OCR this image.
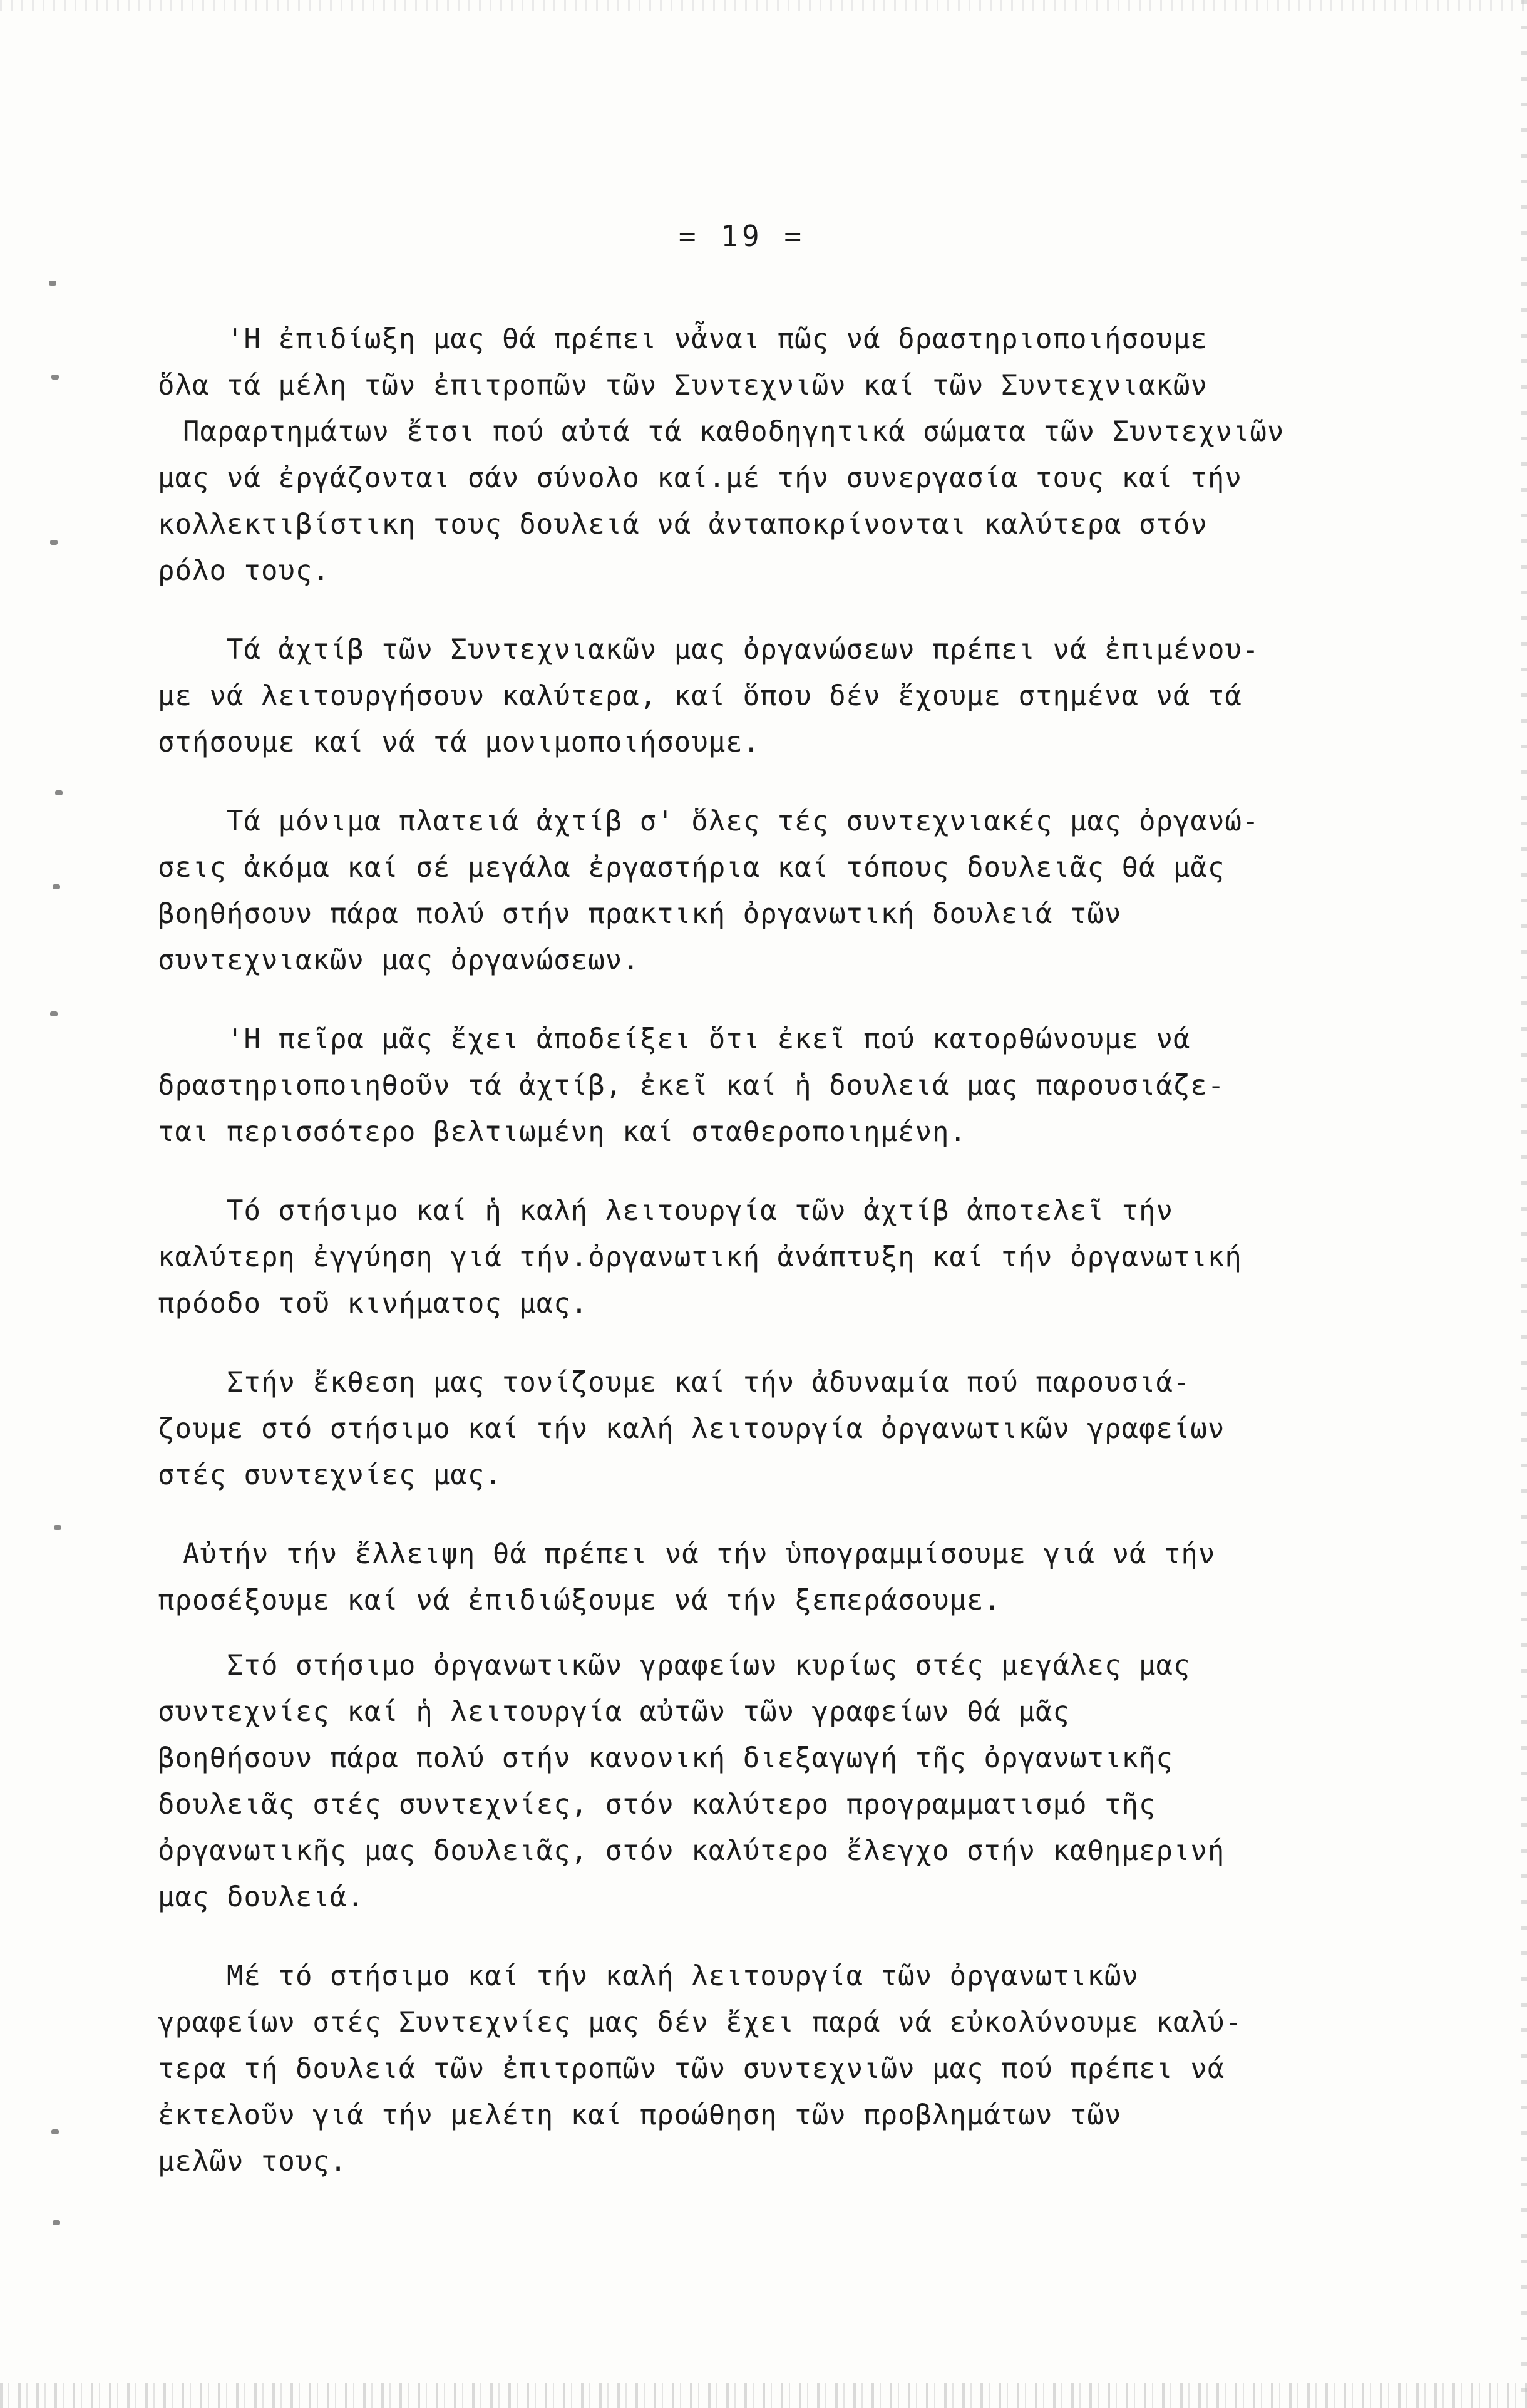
= 19 =
'Η ἐπιδίωξη μας θά πρέπει νἆναι πῶς νά δραστηριοποιήσουμε
ὅλα τά μέλη τῶν ἐπιτροπῶν τῶν Συντεχνιῶν καί τῶν Συντεχνιακῶν
Παραρτημάτων ἔτσι πού αὐτά τά καθοδηγητικά σώματα τῶν Συντεχνιῶν
μας νά ἐργάζονται σάν σύνολο καί.μέ τήν συνεργασία τους καί τήν
κολλεκτιβίστικη τους δουλειά νά ἀνταποκρίνονται καλύτερα στόν
ρόλο τους.
Τά ἀχτίβ τῶν Συντεχνιακῶν μας ὀργανώσεων πρέπει νά ἐπιμένου-
με νά λειτουργήσουν καλύτερα, καί ὅπου δέν ἔχουμε στημένα νά τά
στήσουμε καί νά τά μονιμοποιήσουμε.
Τά μόνιμα πλατειά ἀχτίβ σ' ὅλες τές συντεχνιακές μας ὀργανώ-
σεις ἀκόμα καί σέ μεγάλα ἐργαστήρια καί τόπους δουλειᾶς θά μᾶς
βοηθήσουν πάρα πολύ στήν πρακτική ὀργανωτική δουλειά τῶν
συντεχνιακῶν μας ὀργανώσεων.
'Η πεῖρα μᾶς ἔχει ἀποδείξει ὅτι ἐκεῖ πού κατορθώνουμε νά
δραστηριοποιηθοῦν τά ἀχτίβ, ἐκεῖ καί ἡ δουλειά μας παρουσιάζε-
ται περισσότερο βελτιωμένη καί σταθεροποιημένη.
Τό στήσιμο καί ἡ καλή λειτουργία τῶν ἀχτίβ ἀποτελεῖ τήν
καλύτερη ἐγγύηση γιά τήν.ὀργανωτική ἀνάπτυξη καί τήν ὀργανωτική
πρόοδο τοῦ κινήματος μας.
Στήν ἔκθεση μας τονίζουμε καί τήν ἀδυναμία πού παρουσιά-
ζουμε στό στήσιμο καί τήν καλή λειτουργία ὀργανωτικῶν γραφείων
στές συντεχνίες μας.
Αὐτήν τήν ἔλλειψη θά πρέπει νά τήν ὑπογραμμίσουμε γιά νά τήν
προσέξουμε καί νά ἐπιδιώξουμε νά τήν ξεπεράσουμε.
Στό στήσιμο ὀργανωτικῶν γραφείων κυρίως στές μεγάλες μας
συντεχνίες καί ἡ λειτουργία αὐτῶν τῶν γραφείων θά μᾶς
βοηθήσουν πάρα πολύ στήν κανονική διεξαγωγή τῆς ὀργανωτικῆς
δουλειᾶς στές συντεχνίες, στόν καλύτερο προγραμματισμό τῆς
ὀργανωτικῆς μας δουλειᾶς, στόν καλύτερο ἔλεγχο στήν καθημερινή
μας δουλειά.
Μέ τό στήσιμο καί τήν καλή λειτουργία τῶν ὀργανωτικῶν
γραφείων στές Συντεχνίες μας δέν ἔχει παρά νά εὐκολύνουμε καλύ-
τερα τή δουλειά τῶν ἐπιτροπῶν τῶν συντεχνιῶν μας πού πρέπει νά
ἐκτελοῦν γιά τήν μελέτη καί προώθηση τῶν προβλημάτων τῶν
μελῶν τους.
